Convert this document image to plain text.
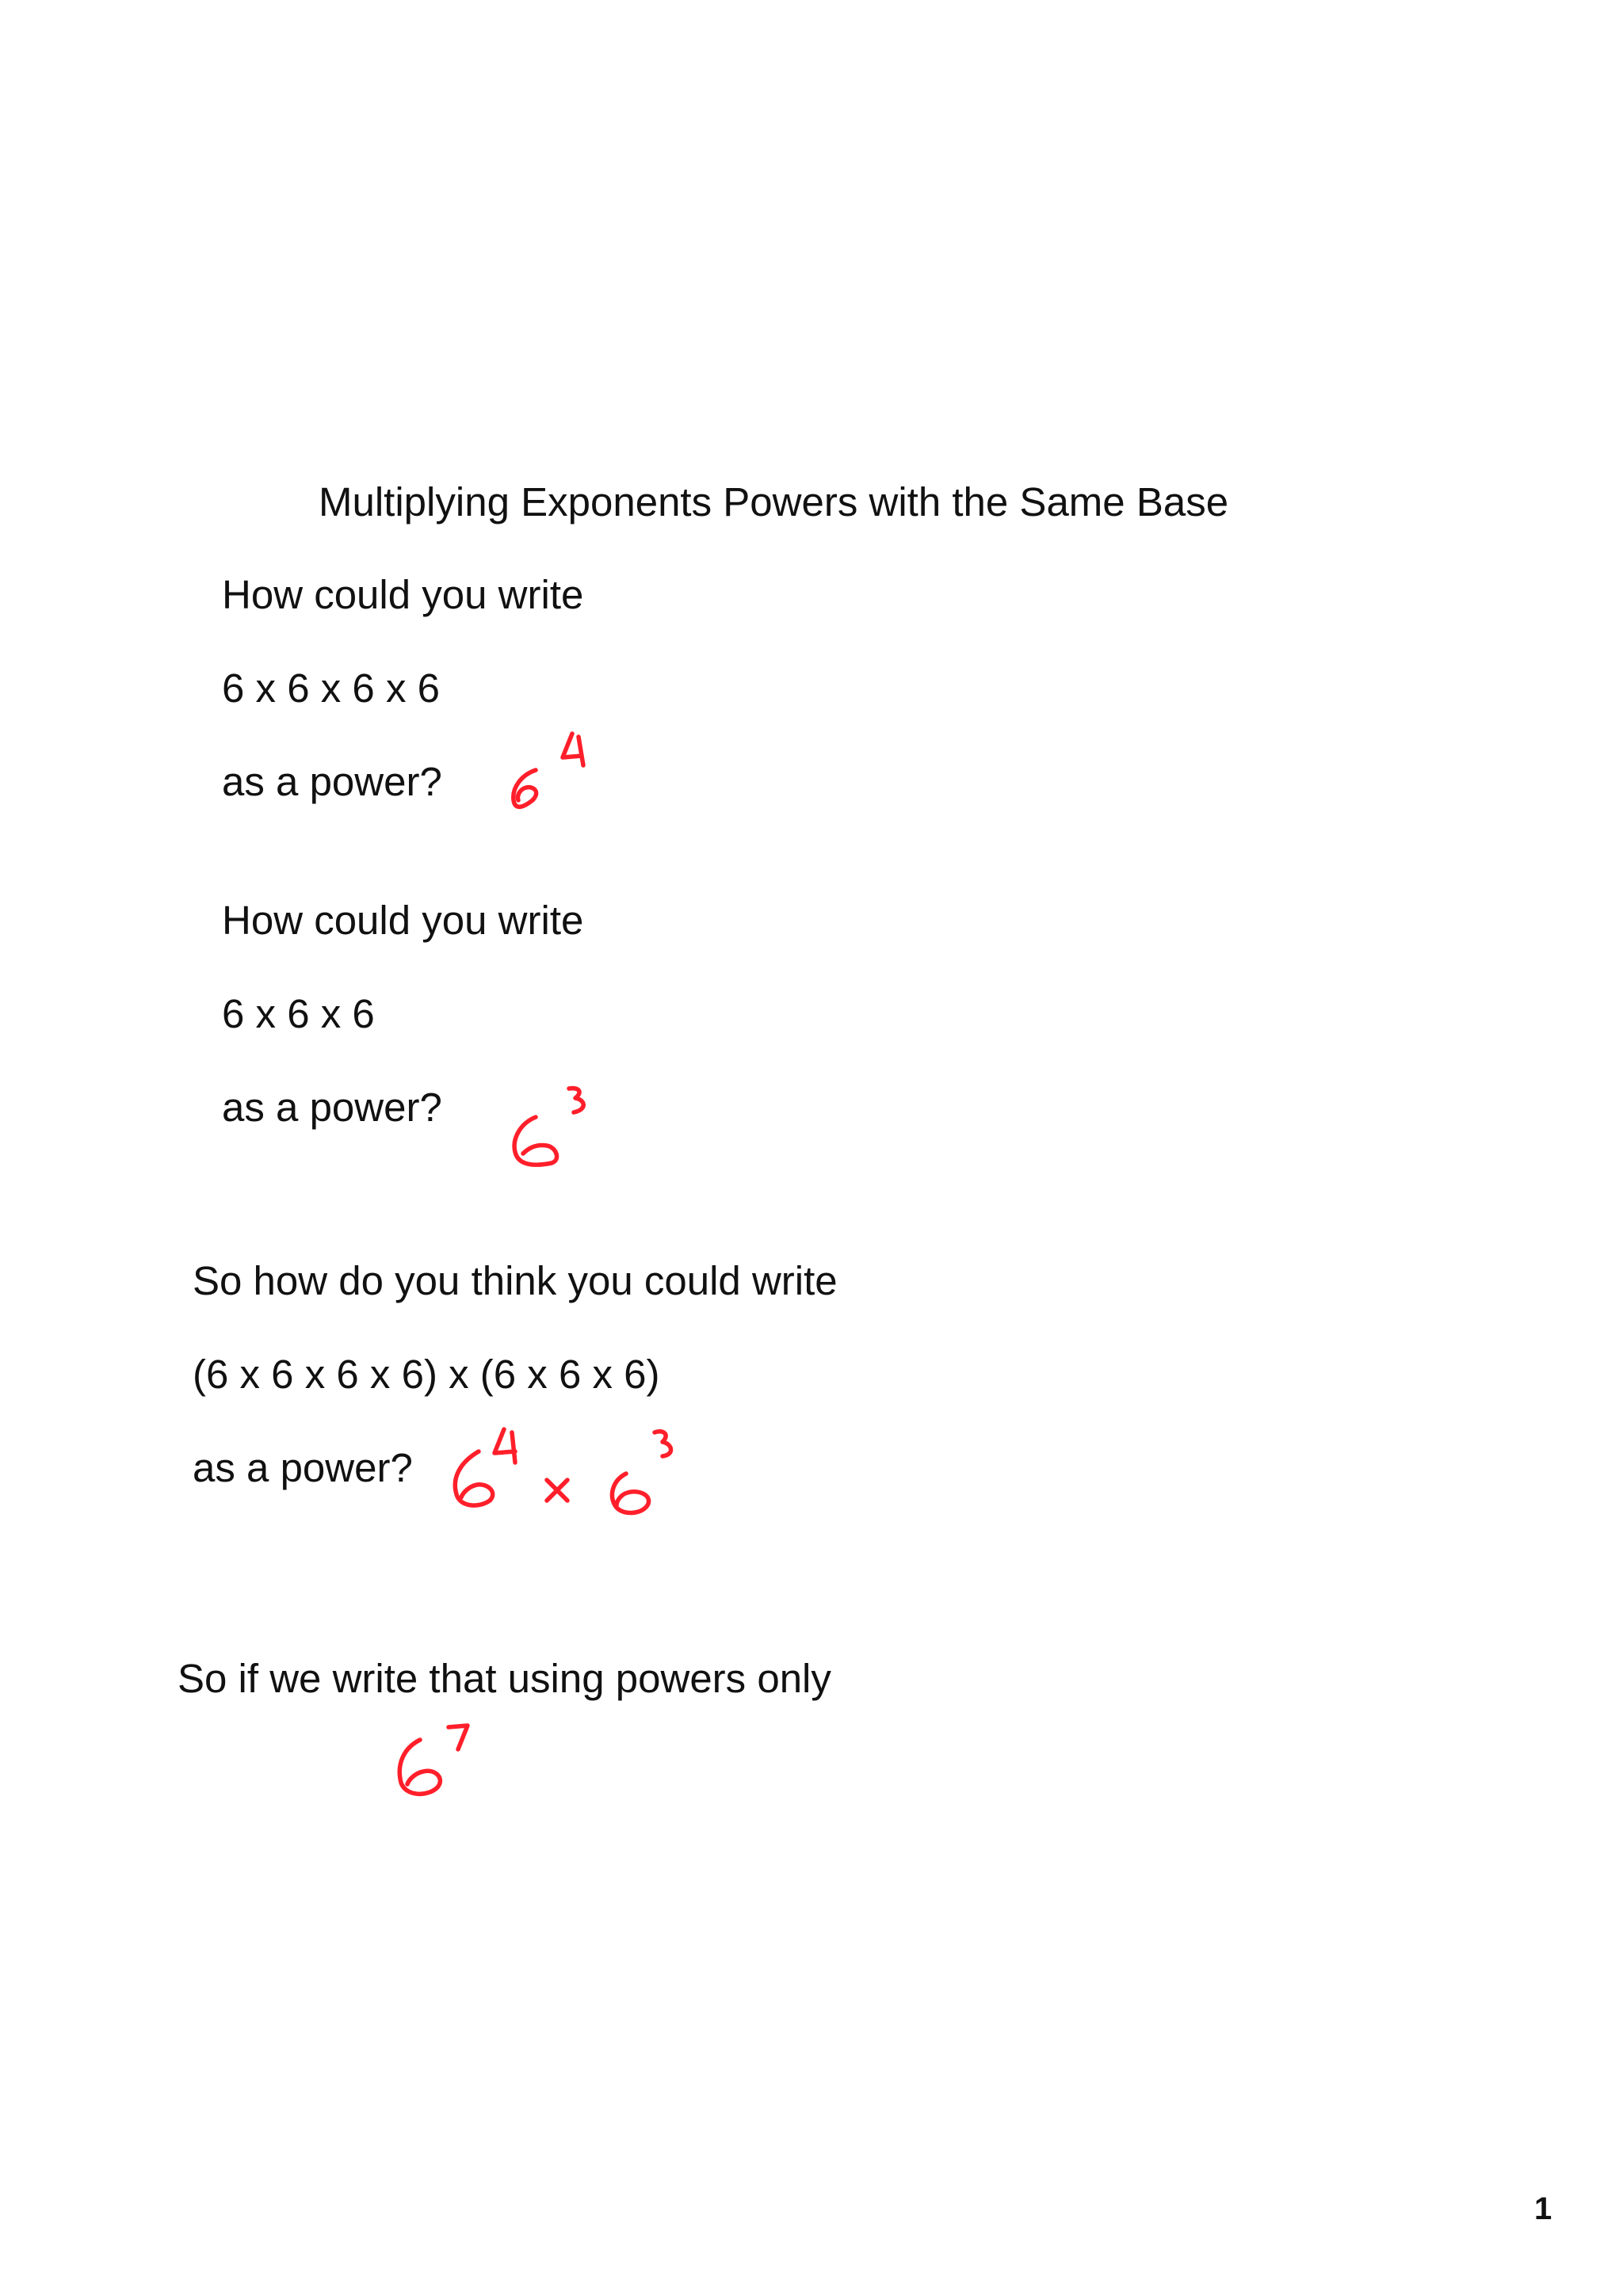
Multiplying Exponents Powers with the Same Base
How could you write
6 x 6 x 6 x 6
as a power?
How could you write
6 x 6 x 6
as a power?
So how do you think you could write
(6 x 6 x 6 x 6) x (6 x 6 x 6)
as a power?
So if we write that using powers only
1
